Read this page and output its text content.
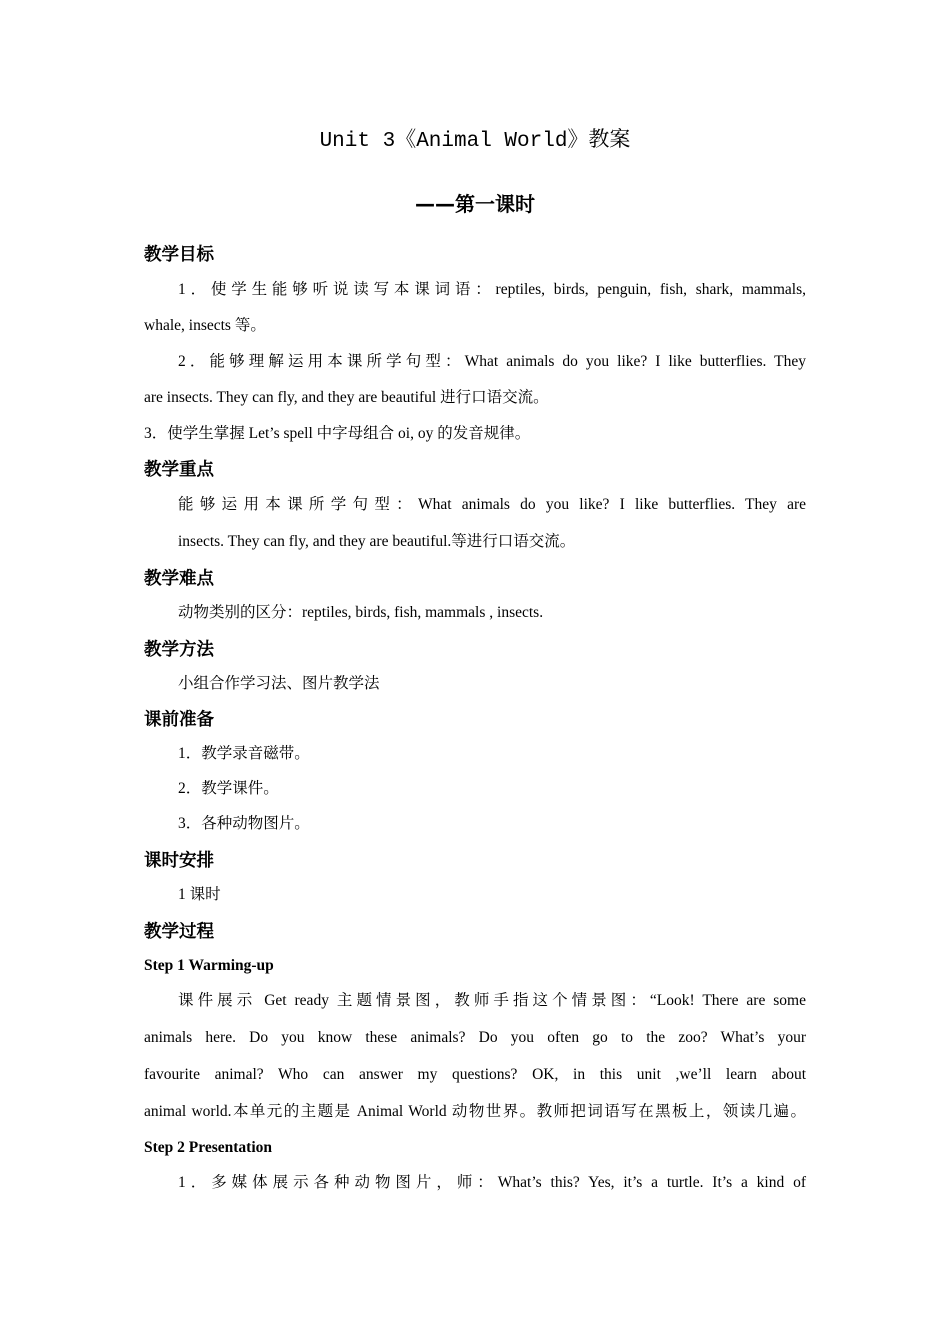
Unit 3《Animal World》教案
——第一课时
教学目标
1．使学生能够听说读写本课词语：reptiles, birds, penguin, fish, shark, mammals,
whale, insects 等。
2．能够理解运用本课所学句型：What animals do you like? I like butterflies. They
are insects. They can fly, and they are beautiful 进行口语交流。
3．使学生掌握 Let’s spell 中字母组合 oi, oy 的发音规律。
教学重点
能够运用本课所学句型：What animals do you like? I like butterflies. They are
insects. They can fly, and they are beautiful.等进行口语交流。
教学难点
动物类别的区分：reptiles, birds, fish, mammals , insects.
教学方法
小组合作学习法、图片教学法
课前准备
1．教学录音磁带。
2．教学课件。
3．各种动物图片。
课时安排
1 课时
教学过程
Step 1 Warming-up
课件展示 Get ready 主题情景图，教师手指这个情景图：“Look! There are some
animals here. Do you know these animals? Do you often go to the zoo? What’s your
favourite animal? Who can answer my questions? OK, in this unit ,we’ll learn about
animal world.本单元的主题是 Animal World 动物世界。教师把词语写在黑板上，领读几遍。
Step 2 Presentation
1．多媒体展示各种动物图片，师：What’s this? Yes, it’s a turtle. It’s a kind of
